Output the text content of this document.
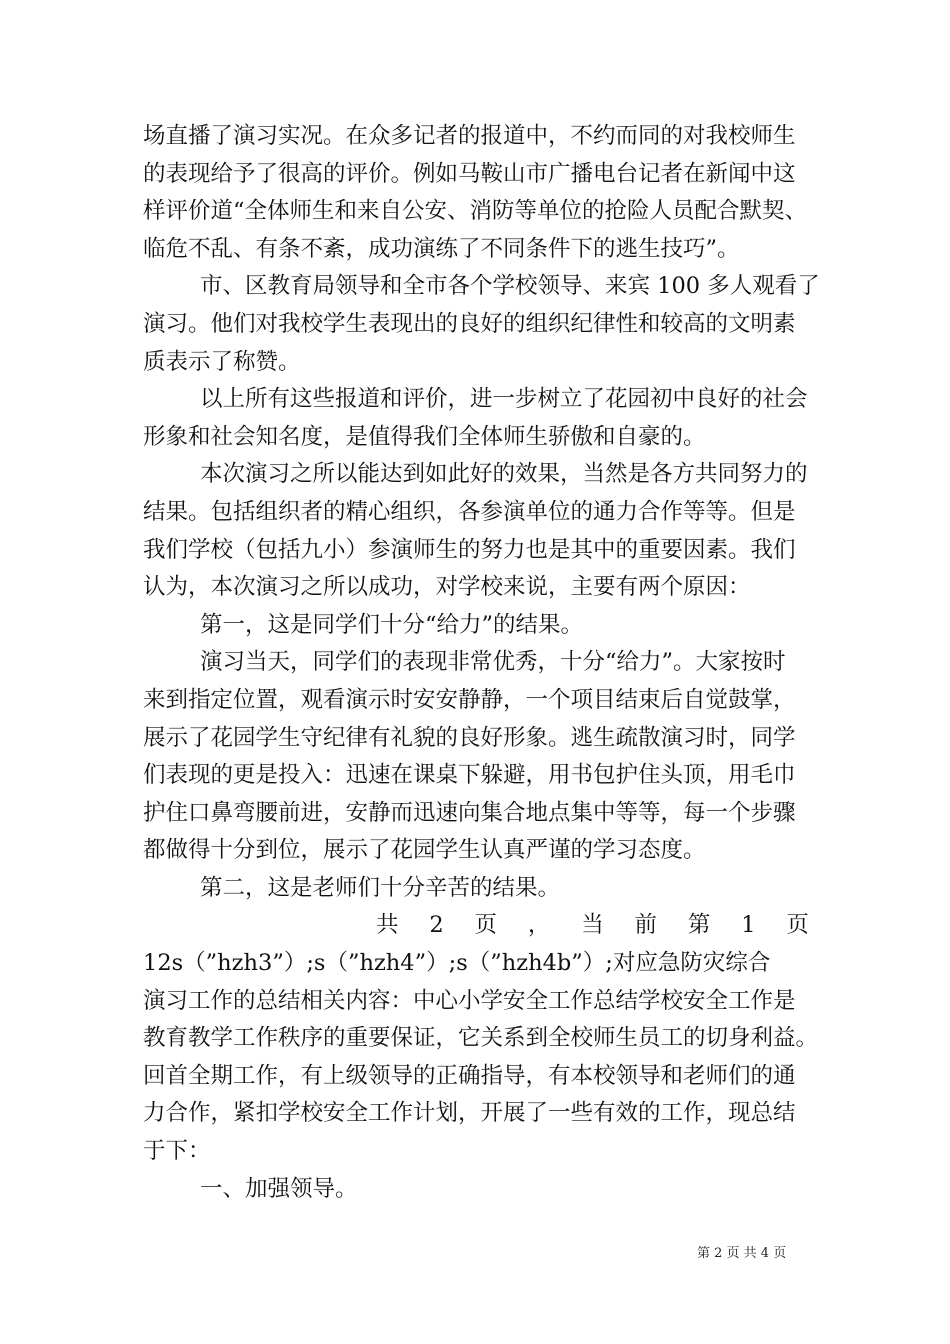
场直播了演习实况。在众多记者的报道中，不约而同的对我校师生
的表现给予了很高的评价。例如马鞍山市广播电台记者在新闻中这
样评价道“全体师生和来自公安、消防等单位的抢险人员配合默契、
临危不乱、有条不紊，成功演练了不同条件下的逃生技巧”。
市、区教育局领导和全市各个学校领导、来宾 100 多人观看了
演习。他们对我校学生表现出的良好的组织纪律性和较高的文明素
质表示了称赞。
以上所有这些报道和评价，进一步树立了花园初中良好的社会
形象和社会知名度，是值得我们全体师生骄傲和自豪的。
本次演习之所以能达到如此好的效果，当然是各方共同努力的
结果。包括组织者的精心组织，各参演单位的通力合作等等。但是
我们学校（包括九小）参演师生的努力也是其中的重要因素。我们
认为，本次演习之所以成功，对学校来说，主要有两个原因：
第一，这是同学们十分“给力”的结果。
演习当天，同学们的表现非常优秀，十分“给力”。大家按时
来到指定位置，观看演示时安安静静，一个项目结束后自觉鼓掌，
展示了花园学生守纪律有礼貌的良好形象。逃生疏散演习时，同学
们表现的更是投入：迅速在课桌下躲避，用书包护住头顶，用毛巾
护住口鼻弯腰前进，安静而迅速向集合地点集中等等，每一个步骤
都做得十分到位，展示了花园学生认真严谨的学习态度。
第二，这是老师们十分辛苦的结果。
共 2 页 ， 当 前 第 1 页
12s（”hzh3”）;s（”hzh4”）;s（”hzh4b”）;对应急防灾综合
演习工作的总结相关内容：中心小学安全工作总结学校安全工作是
教育教学工作秩序的重要保证，它关系到全校师生员工的切身利益。
回首全期工作，有上级领导的正确指导，有本校领导和老师们的通
力合作，紧扣学校安全工作计划，开展了一些有效的工作，现总结
于下：
一、加强领导。
第 2 页 共 4 页
